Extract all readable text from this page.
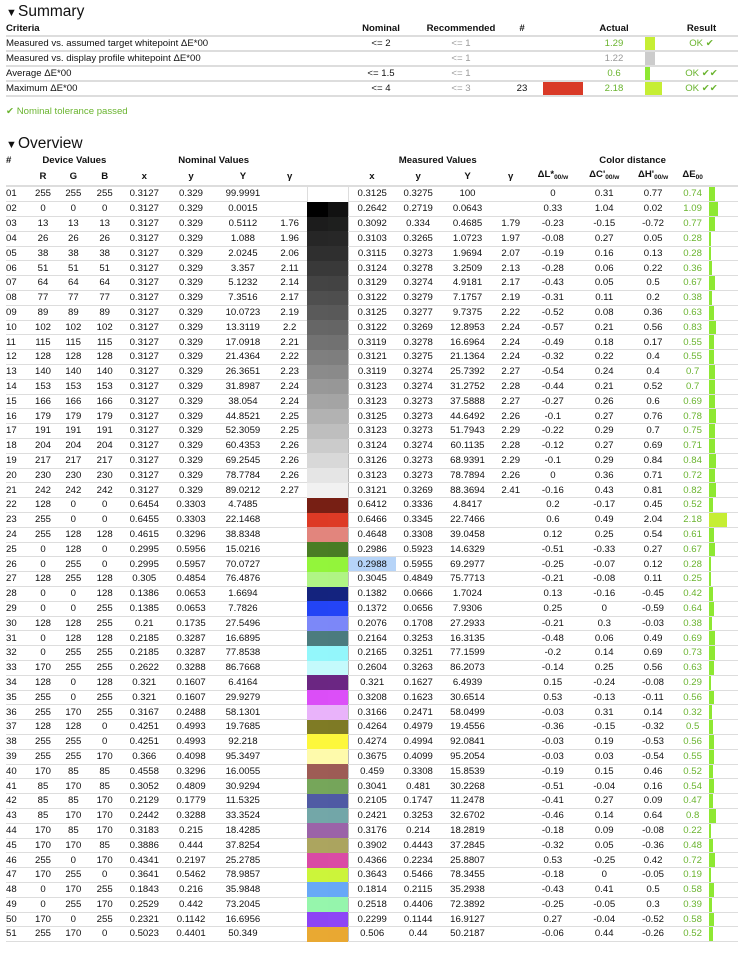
▼Summary
Criteria	Nominal	Recommended	#		Actual		Result
Measured vs. assumed target whitepoint ΔE*00	<= 2	<= 1			1.29		OK ✔
Measured vs. display profile whitepoint ΔE*00		<= 1			1.22	

Average ΔE*00	<= 1.5	<= 1			0.6		OK ✔✔
Maximum ΔE*00	<= 4	<= 3	23		2.18		OK ✔✔
✔ Nominal tolerance passed
▼Overview
#	Device Values			Nominal Values					Measured Values				Color distance				
	R	G	B	x	y	Y	γ		x	y	Y	γ	$\Delta L*_{00/w}$	$\Delta C'_{00/w}$	$\Delta H'_{00/w}$	$\Delta E_{00}$	
01	255	255	255	0.3127	0.329	99.9991			0.3125	0.3275	100		0	0.31	0.77	0.74	

02	0	0	0	0.3127	0.329	0.0015			0.2642	0.2719	0.0643		0.33	1.04	0.02	1.09	

03	13	13	13	0.3127	0.329	0.5112	1.76		0.3092	0.334	0.4685	1.79	-0.23	-0.15	-0.72	0.77	

04	26	26	26	0.3127	0.329	1.088	1.96		0.3103	0.3265	1.0723	1.97	-0.08	0.27	0.05	0.28	

05	38	38	38	0.3127	0.329	2.0245	2.06		0.3115	0.3273	1.9694	2.07	-0.19	0.16	0.13	0.28	

06	51	51	51	0.3127	0.329	3.357	2.11		0.3124	0.3278	3.2509	2.13	-0.28	0.06	0.22	0.36	

07	64	64	64	0.3127	0.329	5.1232	2.14		0.3129	0.3274	4.9181	2.17	-0.43	0.05	0.5	0.67	

08	77	77	77	0.3127	0.329	7.3516	2.17		0.3122	0.3279	7.1757	2.19	-0.31	0.11	0.2	0.38	

09	89	89	89	0.3127	0.329	10.0723	2.19		0.3125	0.3277	9.7375	2.22	-0.52	0.08	0.36	0.63	

10	102	102	102	0.3127	0.329	13.3119	2.2		0.3122	0.3269	12.8953	2.24	-0.57	0.21	0.56	0.83	

11	115	115	115	0.3127	0.329	17.0918	2.21		0.3119	0.3278	16.6964	2.24	-0.49	0.18	0.17	0.55	

12	128	128	128	0.3127	0.329	21.4364	2.22		0.3121	0.3275	21.1364	2.24	-0.32	0.22	0.4	0.55	

13	140	140	140	0.3127	0.329	26.3651	2.23		0.3119	0.3274	25.7392	2.27	-0.54	0.24	0.4	0.7	

14	153	153	153	0.3127	0.329	31.8987	2.24		0.3123	0.3274	31.2752	2.28	-0.44	0.21	0.52	0.7	

15	166	166	166	0.3127	0.329	38.054	2.24		0.3123	0.3273	37.5888	2.27	-0.27	0.26	0.6	0.69	

16	179	179	179	0.3127	0.329	44.8521	2.25		0.3125	0.3273	44.6492	2.26	-0.1	0.27	0.76	0.78	

17	191	191	191	0.3127	0.329	52.3059	2.25		0.3123	0.3273	51.7943	2.29	-0.22	0.29	0.7	0.75	

18	204	204	204	0.3127	0.329	60.4353	2.26		0.3124	0.3274	60.1135	2.28	-0.12	0.27	0.69	0.71	

19	217	217	217	0.3127	0.329	69.2545	2.26		0.3126	0.3273	68.9391	2.29	-0.1	0.29	0.84	0.84	

20	230	230	230	0.3127	0.329	78.7784	2.26		0.3123	0.3273	78.7894	2.26	0	0.36	0.71	0.72	

21	242	242	242	0.3127	0.329	89.0212	2.27		0.3121	0.3269	88.3694	2.41	-0.16	0.43	0.81	0.82	

22	128	0	0	0.6454	0.3303	4.7485			0.6412	0.3336	4.8417		0.2	-0.17	0.45	0.52	

23	255	0	0	0.6455	0.3303	22.1468			0.6466	0.3345	22.7466		0.6	0.49	2.04	2.18	

24	255	128	128	0.4615	0.3296	38.8348			0.4648	0.3308	39.0458		0.12	0.25	0.54	0.61	

25	0	128	0	0.2995	0.5956	15.0216			0.2986	0.5923	14.6329		-0.51	-0.33	0.27	0.67	

26	0	255	0	0.2995	0.5957	70.0727			0.2988	0.5955	69.2977		-0.25	-0.07	0.12	0.28	

27	128	255	128	0.305	0.4854	76.4876			0.3045	0.4849	75.7713		-0.21	-0.08	0.11	0.25	

28	0	0	128	0.1386	0.0653	1.6694			0.1382	0.0666	1.7024		0.13	-0.16	-0.45	0.42	

29	0	0	255	0.1385	0.0653	7.7826			0.1372	0.0656	7.9306		0.25	0	-0.59	0.64	

30	128	128	255	0.21	0.1735	27.5496			0.2076	0.1708	27.2933		-0.21	0.3	-0.03	0.38	

31	0	128	128	0.2185	0.3287	16.6895			0.2164	0.3253	16.3135		-0.48	0.06	0.49	0.69	

32	0	255	255	0.2185	0.3287	77.8538			0.2165	0.3251	77.1599		-0.2	0.14	0.69	0.73	

33	170	255	255	0.2622	0.3288	86.7668			0.2604	0.3263	86.2073		-0.14	0.25	0.56	0.63	

34	128	0	128	0.321	0.1607	6.4164			0.321	0.1627	6.4939		0.15	-0.24	-0.08	0.29	

35	255	0	255	0.321	0.1607	29.9279			0.3208	0.1623	30.6514		0.53	-0.13	-0.11	0.56	

36	255	170	255	0.3167	0.2488	58.1301			0.3166	0.2471	58.0499		-0.03	0.31	0.14	0.32	

37	128	128	0	0.4251	0.4993	19.7685			0.4264	0.4979	19.4556		-0.36	-0.15	-0.32	0.5	

38	255	255	0	0.4251	0.4993	92.218			0.4274	0.4994	92.0841		-0.03	0.19	-0.53	0.56	

39	255	255	170	0.366	0.4098	95.3497			0.3675	0.4099	95.2054		-0.03	0.03	-0.54	0.55	

40	170	85	85	0.4558	0.3296	16.0055			0.459	0.3308	15.8539		-0.19	0.15	0.46	0.52	

41	85	170	85	0.3052	0.4809	30.9294			0.3041	0.481	30.2268		-0.51	-0.04	0.16	0.54	

42	85	85	170	0.2129	0.1779	11.5325			0.2105	0.1747	11.2478		-0.41	0.27	0.09	0.47	

43	85	170	170	0.2442	0.3288	33.3524			0.2421	0.3253	32.6702		-0.46	0.14	0.64	0.8	

44	170	85	170	0.3183	0.215	18.4285			0.3176	0.214	18.2819		-0.18	0.09	-0.08	0.22	

45	170	170	85	0.3886	0.444	37.8254			0.3902	0.4443	37.2845		-0.32	0.05	-0.36	0.48	

46	255	0	170	0.4341	0.2197	25.2785			0.4366	0.2234	25.8807		0.53	-0.25	0.42	0.72	

47	170	255	0	0.3641	0.5462	78.9857			0.3643	0.5466	78.3455		-0.18	0	-0.05	0.19	

48	0	170	255	0.1843	0.216	35.9848			0.1814	0.2115	35.2938		-0.43	0.41	0.5	0.58	

49	0	255	170	0.2529	0.442	73.2045			0.2518	0.4406	72.3892		-0.25	-0.05	0.3	0.39	

50	170	0	255	0.2321	0.1142	16.6956			0.2299	0.1144	16.9127		0.27	-0.04	-0.52	0.58	

51	255	170	0	0.5023	0.4401	50.349			0.506	0.44	50.2187		-0.06	0.44	-0.26	0.52	
